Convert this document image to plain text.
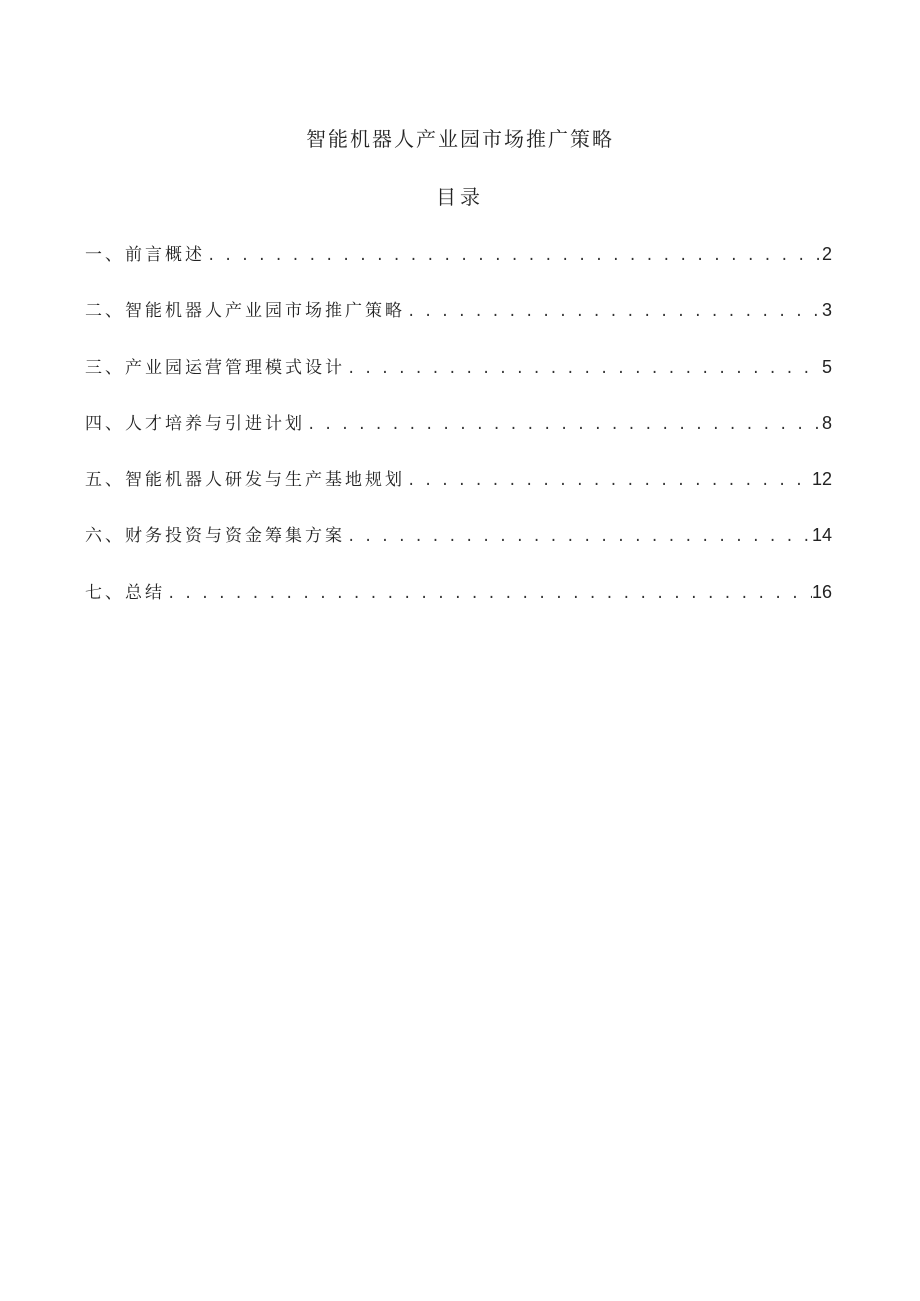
智能机器人产业园市场推广策略
目录
一、前言概述 . . .	2
二、智能机器人产业园市场推广策略 . . .	3
三、产业园运营管理模式设计 . . .	5
四、人才培养与引进计划 . . .	8
五、智能机器人研发与生产基地规划 . . .	12
六、财务投资与资金筹集方案 . . .	14
七、总结 . . .	16
